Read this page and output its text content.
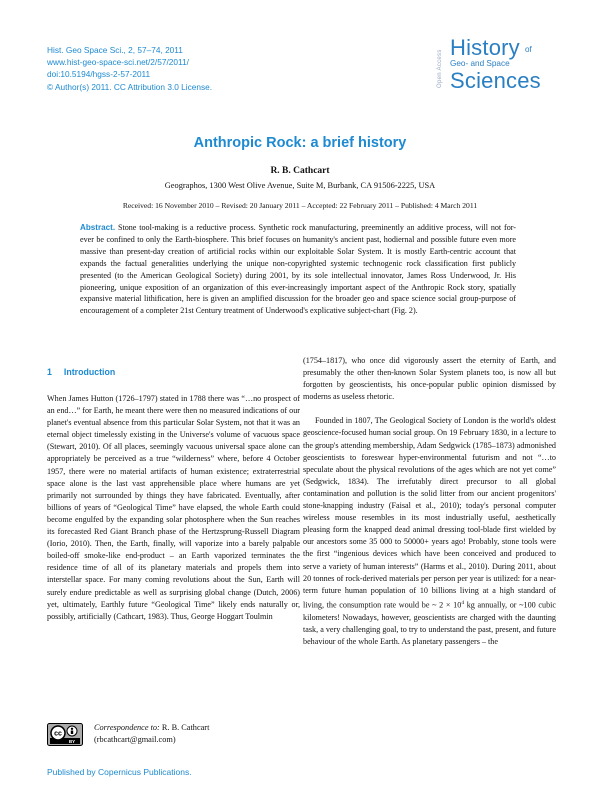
Hist. Geo Space Sci., 2, 57–74, 2011
www.hist-geo-space-sci.net/2/57/2011/
doi:10.5194/hgss-2-57-2011
© Author(s) 2011. CC Attribution 3.0 License.	Open Access
History of
Geo- and Space
Sciences
Anthropic Rock: a brief history
R. B. Cathcart
Geographos, 1300 West Olive Avenue, Suite M, Burbank, CA 91506-2225, USA
Received: 16 November 2010 – Revised: 20 January 2011 – Accepted: 22 February 2011 – Published: 4 March 2011
Abstract. Stone tool-making is a reductive process. Synthetic rock manufacturing, preeminently an additive process, will not for-ever be confined to only the Earth-biosphere. This brief focuses on humanity's ancient past, hodiernal and possible future even more massive than present-day creation of artificial rocks within our exploitable Solar System. It is mostly Earth-centric account that expands the factual generalities underlying the unique non-copyrighted systemic technogenic rock classification first publicly presented (to the American Geological Society) during 2001, by its sole intellectual innovator, James Ross Underwood, Jr. His pioneering, unique exposition of an organization of this ever-increasingly important aspect of the Anthropic Rock story, spatially expansive material lithification, here is given an amplified discussion for the broader geo and space science social group-purpose of encouragement of a completer 21st Century treatment of Underwood's explicative subject-chart (Fig. 2).
1 Introduction

When James Hutton (1726–1797) stated in 1788 there was “…no prospect of an end…” for Earth, he meant there were then no measured indications of our planet's eventual absence from this particular Solar System, not that it was an eternal object timelessly existing in the Universe's volume of vacuous space (Stewart, 2010). Of all places, seemingly vacuous universal space alone can appropriately be perceived as a true “wilderness” where, before 4 October 1957, there were no material artifacts of human existence; extraterrestrial space alone is the last vast apprehensible place where humans are yet primarily not surrounded by things they have fabricated. Eventually, after billions of years of “Geological Time” have elapsed, the whole Earth could become engulfed by the expanding solar photosphere when the Sun reaches its forecasted Red Giant Branch phase of the Hertzsprung-Russell Diagram (Iorio, 2010). Then, the Earth, finally, will vaporize into a barely palpable boiled-off smoke-like end-product – an Earth vaporized terminates the residence time of all of its planetary materials and propels them into interstellar space. For many coming revolutions about the Sun, Earth will surely endure predictable as well as surprising global change (Dutch, 2006) yet, ultimately, Earthly future “Geological Time” likely ends naturally or, possibly, artificially (Cathcart, 1983). Thus, George Hoggart Toulmin

(1754–1817), who once did vigorously assert the eternity of Earth, and presumably the other then-known Solar System planets too, is now all but forgotten by geoscientists, his once-popular public opinion dismissed by moderns as useless rhetoric.

Founded in 1807, The Geological Society of London is the world's oldest geoscience-focused human social group. On 19 February 1830, in a lecture to the group's attending membership, Adam Sedgwick (1785–1873) admonished geoscientists to foreswear hyper-environmental futurism and not “…to speculate about the physical revolutions of the ages which are not yet come” (Sedgwick, 1834). The irrefutably direct precursor to all global contamination and pollution is the solid litter from our ancient progenitors' stone-knapping industry (Faisal et al., 2010); today's personal computer wireless mouse resembles in its most industrially useful, aesthetically pleasing form the knapped dead animal dressing tool-blade first wielded by our ancestors some 35 000 to 50000+ years ago! Probably, stone tools were the first “ingenious devices which have been conceived and produced to serve a variety of human interests” (Harms et al., 2010). During 2011, about 20 tonnes of rock-derived materials per person per year is utilized: for a near-term future human population of 10 billions living at a high standard of living, the consumption rate would be ~ $2 \times 10^4$ kg annually, or ~100 cubic kilometers! Nowadays, however, geoscientists are charged with the daunting task, a very challenging goal, to try to understand the past, present, and future behaviour of the whole Earth. As planetary passengers – the

cc
BY
Correspondence to: R. B. Cathcart
(rbcathcart@gmail.com)
Published by Copernicus Publications.
